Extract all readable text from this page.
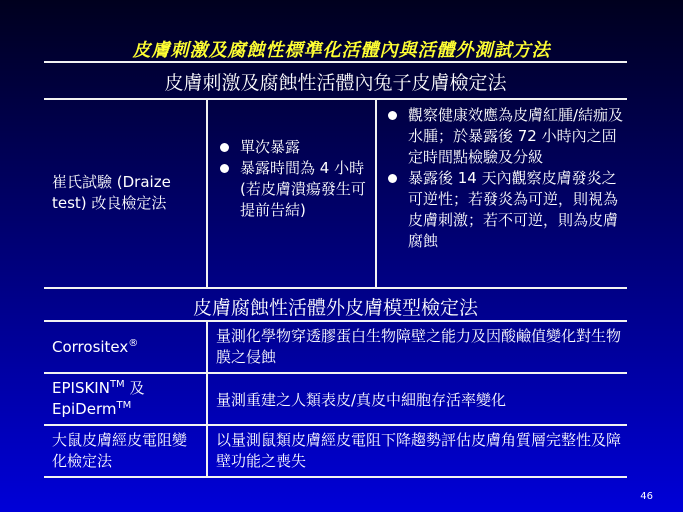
皮膚刺激及腐蝕性標準化活體內與活體外測試方法
皮膚刺激及腐蝕性活體內兔子皮膚檢定法
崔氏試驗 (Draize test) 改良檢定法
單次暴露
暴露時間為 4 小時 (若皮膚潰瘍發生可提前告結)
觀察健康效應為皮膚紅腫/結痂及水腫；於暴露後 72 小時內之固定時間點檢驗及分級
暴露後 14 天內觀察皮膚發炎之可逆性；若發炎為可逆，則視為皮膚刺激；若不可逆，則為皮膚腐蝕
皮膚腐蝕性活體外皮膚模型檢定法
Corrositex®	量測化學物穿透膠蛋白生物障壁之能力及因酸鹼值變化對生物膜之侵蝕
EPISKIN™ 及
EpiDerm™	量測重建之人類表皮/真皮中細胞存活率變化
大鼠皮膚經皮電阻變化檢定法
以量測鼠類皮膚經皮電阻下降趨勢評估皮膚角質層完整性及障壁功能之喪失
46
